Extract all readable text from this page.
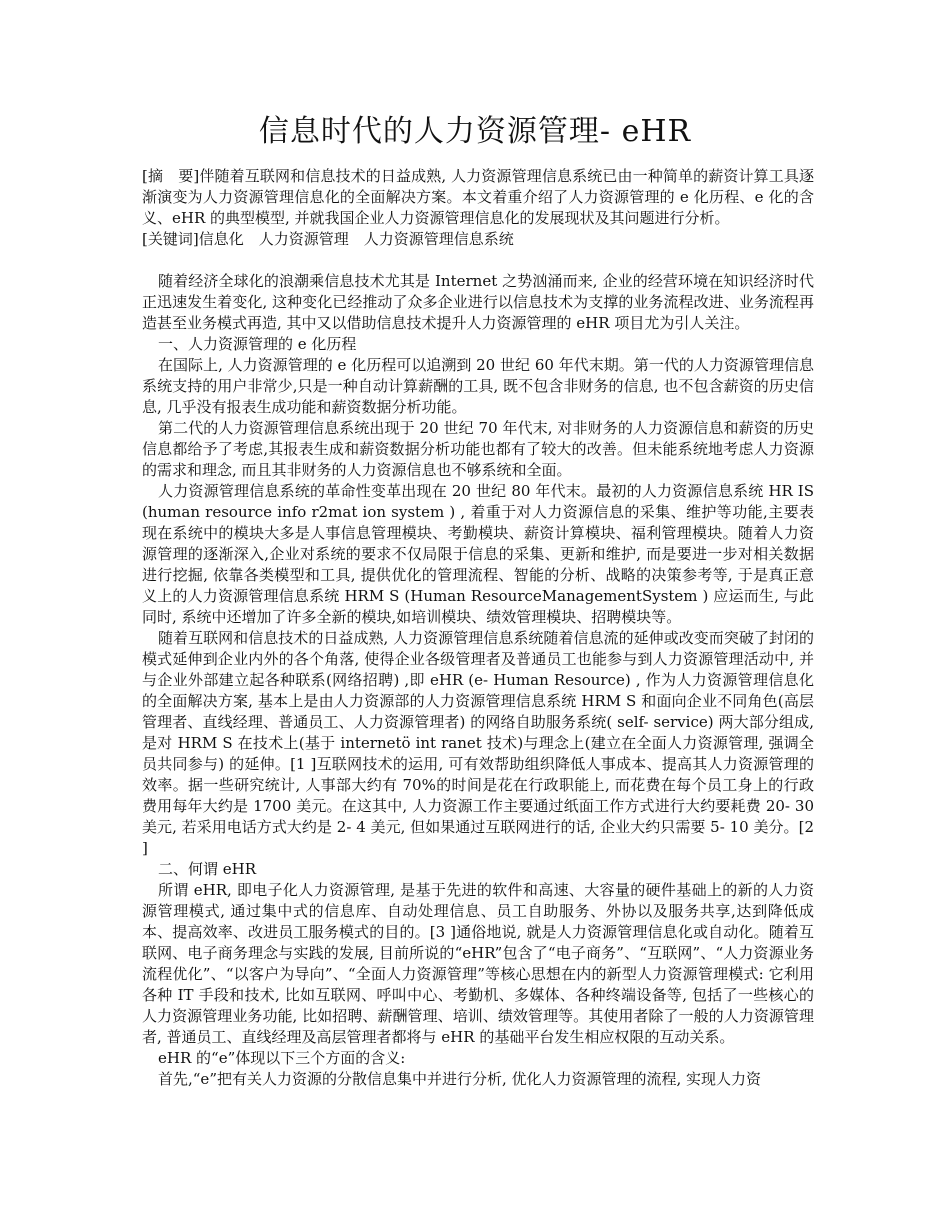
信息时代的人力资源管理- eHR

[摘　要]伴随着互联网和信息技术的日益成熟, 人力资源管理信息系统已由一种简单的薪资计算工具逐渐演变为人力资源管理信息化的全面解决方案。本文着重介绍了人力资源管理的 e 化历程、e 化的含义、eHR 的典型模型, 并就我国企业人力资源管理信息化的发展现状及其问题进行分析。

[关键词]信息化　人力资源管理　人力资源管理信息系统

随着经济全球化的浪潮乘信息技术尤其是 Internet 之势汹涌而来, 企业的经营环境在知识经济时代正迅速发生着变化, 这种变化已经推动了众多企业进行以信息技术为支撑的业务流程改进、业务流程再造甚至业务模式再造, 其中又以借助信息技术提升人力资源管理的 eHR 项目尤为引人关注。

一、人力资源管理的 e 化历程

在国际上, 人力资源管理的 e 化历程可以追溯到 20 世纪 60 年代末期。第一代的人力资源管理信息系统支持的用户非常少,只是一种自动计算薪酬的工具, 既不包含非财务的信息, 也不包含薪资的历史信息, 几乎没有报表生成功能和薪资数据分析功能。

第二代的人力资源管理信息系统出现于 20 世纪 70 年代末, 对非财务的人力资源信息和薪资的历史信息都给予了考虑,其报表生成和薪资数据分析功能也都有了较大的改善。但未能系统地考虑人力资源的需求和理念, 而且其非财务的人力资源信息也不够系统和全面。

人力资源管理信息系统的革命性变革出现在 20 世纪 80 年代末。最初的人力资源信息系统 HR IS (human resource info r2mat ion system ) , 着重于对人力资源信息的采集、维护等功能,主要表现在系统中的模块大多是人事信息管理模块、考勤模块、薪资计算模块、福利管理模块。随着人力资源管理的逐渐深入,企业对系统的要求不仅局限于信息的采集、更新和维护, 而是要进一步对相关数据进行挖掘, 依靠各类模型和工具, 提供优化的管理流程、智能的分析、战略的决策参考等, 于是真正意义上的人力资源管理信息系统 HRM S (Human ResourceManagementSystem ) 应运而生, 与此同时, 系统中还增加了许多全新的模块,如培训模块、绩效管理模块、招聘模块等。

随着互联网和信息技术的日益成熟, 人力资源管理信息系统随着信息流的延伸或改变而突破了封闭的模式延伸到企业内外的各个角落, 使得企业各级管理者及普通员工也能参与到人力资源管理活动中, 并与企业外部建立起各种联系(网络招聘) ,即 eHR (e- Human Resource) , 作为人力资源管理信息化的全面解决方案, 基本上是由人力资源部的人力资源管理信息系统 HRM S 和面向企业不同角色(高层管理者、直线经理、普通员工、人力资源管理者) 的网络自助服务系统( self- service) 两大部分组成, 是对 HRM S 在技术上(基于 internetö int ranet 技术)与理念上(建立在全面人力资源管理, 强调全员共同参与) 的延伸。[1 ]互联网技术的运用, 可有效帮助组织降低人事成本、提高其人力资源管理的效率。据一些研究统计, 人事部大约有 70%的时间是花在行政职能上, 而花费在每个员工身上的行政费用每年大约是 1700 美元。在这其中, 人力资源工作主要通过纸面工作方式进行大约要耗费 20- 30 美元, 若采用电话方式大约是 2- 4 美元, 但如果通过互联网进行的话, 企业大约只需要 5- 10 美分。[2 ]

二、何谓 eHR

所谓 eHR, 即电子化人力资源管理, 是基于先进的软件和高速、大容量的硬件基础上的新的人力资源管理模式, 通过集中式的信息库、自动处理信息、员工自助服务、外协以及服务共享,达到降低成本、提高效率、改进员工服务模式的目的。[3 ]通俗地说, 就是人力资源管理信息化或自动化。随着互联网、电子商务理念与实践的发展, 目前所说的“eHR”包含了“电子商务”、“互联网”、“人力资源业务流程优化”、“以客户为导向”、“全面人力资源管理”等核心思想在内的新型人力资源管理模式: 它利用各种 IT 手段和技术, 比如互联网、呼叫中心、考勤机、多媒体、各种终端设备等, 包括了一些核心的人力资源管理业务功能, 比如招聘、薪酬管理、培训、绩效管理等。其使用者除了一般的人力资源管理者, 普通员工、直线经理及高层管理者都将与 eHR 的基础平台发生相应权限的互动关系。

eHR 的“e”体现以下三个方面的含义:

首先,“e”把有关人力资源的分散信息集中并进行分析, 优化人力资源管理的流程, 实现人力资
